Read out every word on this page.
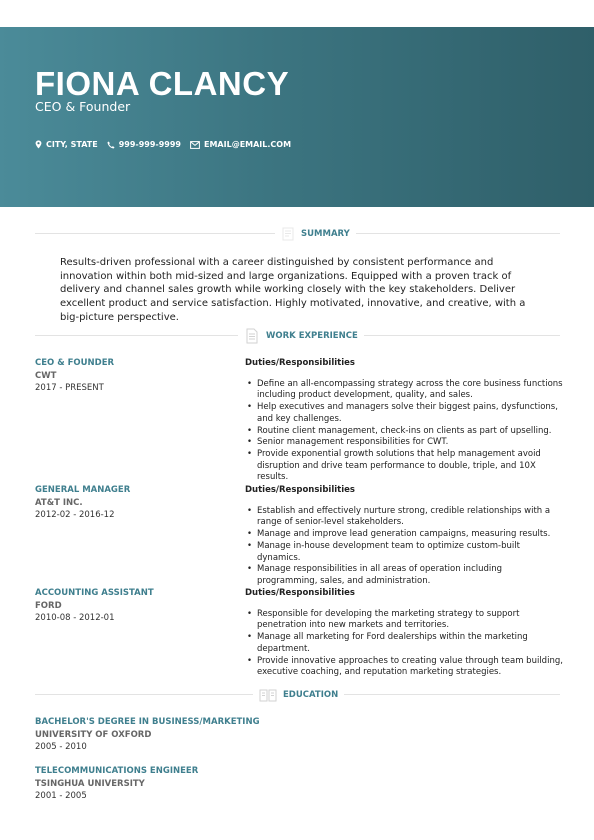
FIONA CLANCY
CEO & Founder
CITY, STATE	999-999-9999	EMAIL@EMAIL.COM
SUMMARY
Results-driven professional with a career distinguished by consistent performance and innovation within both mid-sized and large organizations. Equipped with a proven track of delivery and channel sales growth while working closely with the key stakeholders. Deliver excellent product and service satisfaction. Highly motivated, innovative, and creative, with a big-picture perspective.
WORK EXPERIENCE
CEO & FOUNDER
CWT
2017 - PRESENT
Duties/Responsibilities
• Define an all-encompassing strategy across the core business functions including product development, quality, and sales.
• Help executives and managers solve their biggest pains, dysfunctions, and key challenges.
• Routine client management, check-ins on clients as part of upselling.
• Senior management responsibilities for CWT.
• Provide exponential growth solutions that help management avoid disruption and drive team performance to double, triple, and 10X results.
GENERAL MANAGER
AT&T INC.
2012-02 - 2016-12
Duties/Responsibilities
• Establish and effectively nurture strong, credible relationships with a range of senior-level stakeholders.
• Manage and improve lead generation campaigns, measuring results.
• Manage in-house development team to optimize custom-built dynamics.
• Manage responsibilities in all areas of operation including programming, sales, and administration.
ACCOUNTING ASSISTANT
FORD
2010-08 - 2012-01
Duties/Responsibilities
• Responsible for developing the marketing strategy to support penetration into new markets and territories.
• Manage all marketing for Ford dealerships within the marketing department.
• Provide innovative approaches to creating value through team building, executive coaching, and reputation marketing strategies.
EDUCATION
BACHELOR'S DEGREE IN BUSINESS/MARKETING
UNIVERSITY OF OXFORD
2005 - 2010
TELECOMMUNICATIONS ENGINEER
TSINGHUA UNIVERSITY
2001 - 2005
